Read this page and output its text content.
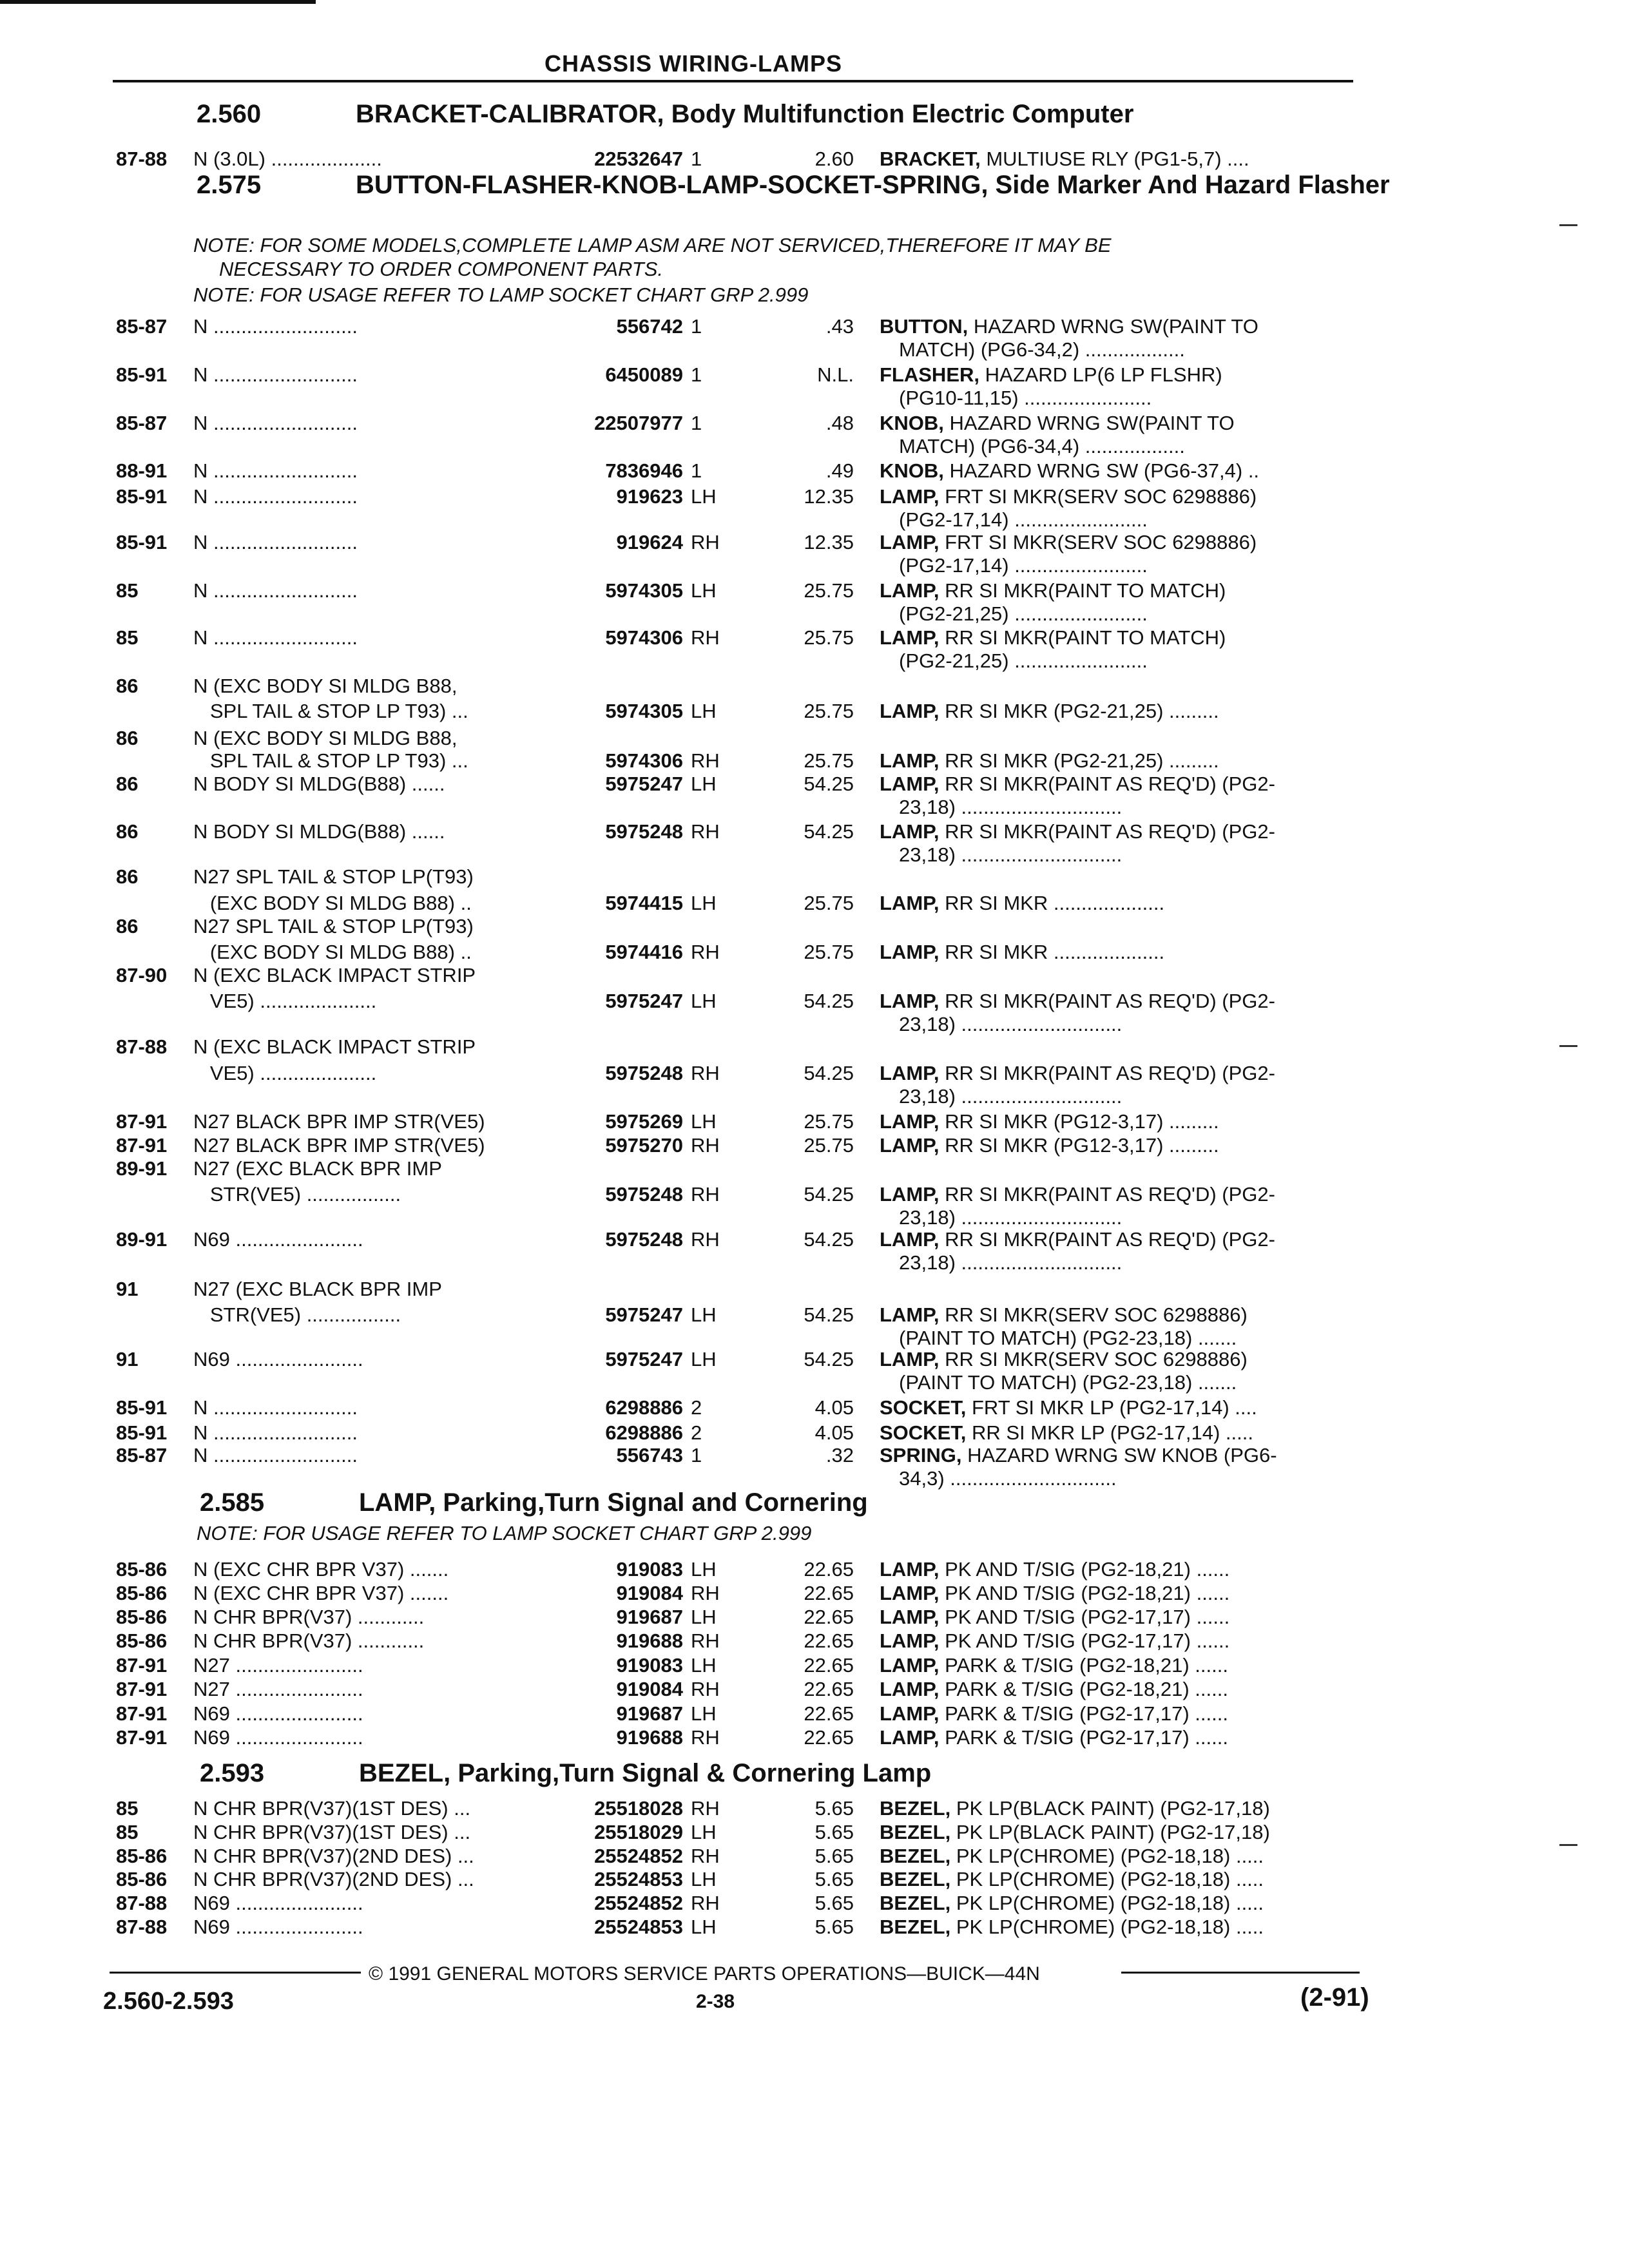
CHASSIS WIRING-LAMPS
2.560	BRACKET-CALIBRATOR, Body Multifunction Electric Computer
2.575	BUTTON-FLASHER-KNOB-LAMP-SOCKET-SPRING, Side Marker And Hazard Flasher
NOTE: FOR SOME MODELS,COMPLETE LAMP ASM ARE NOT SERVICED,THEREFORE IT MAY BE
NECESSARY TO ORDER COMPONENT PARTS.
NOTE: FOR USAGE REFER TO LAMP SOCKET CHART GRP 2.999
2.585	LAMP, Parking,Turn Signal and Cornering
NOTE: FOR USAGE REFER TO LAMP SOCKET CHART GRP 2.999
2.593	BEZEL, Parking,Turn Signal & Cornering Lamp
87-88 N (3.0L) ....................	22532647 1	2.60 BRACKET, MULTIUSE RLY (PG1-5,7) ....
85-87 N ..........................	556742 1	.43 BUTTON, HAZARD WRNG SW(PAINT TO
MATCH) (PG6-34,2) ..................
85-91 N ..........................	6450089 1	N.L. FLASHER, HAZARD LP(6 LP FLSHR)
(PG10-11,15) .......................
85-87 N ..........................	22507977 1	.48 KNOB, HAZARD WRNG SW(PAINT TO
MATCH) (PG6-34,4) ..................
88-91 N ..........................	7836946 1	.49 KNOB, HAZARD WRNG SW (PG6-37,4) ..
85-91 N ..........................	919623 LH	12.35 LAMP, FRT SI MKR(SERV SOC 6298886)
(PG2-17,14) ........................
85-91 N ..........................	919624 RH	12.35 LAMP, FRT SI MKR(SERV SOC 6298886)
(PG2-17,14) ........................
85	N ..........................	5974305 LH	25.75 LAMP, RR SI MKR(PAINT TO MATCH)
(PG2-21,25) ........................
85	N ..........................	5974306 RH	25.75 LAMP, RR SI MKR(PAINT TO MATCH)
(PG2-21,25) ........................
86	N (EXC BODY SI MLDG B88,
SPL TAIL & STOP LP T93) ...	5974305 LH	25.75 LAMP, RR SI MKR (PG2-21,25) .........
86	N (EXC BODY SI MLDG B88,
SPL TAIL & STOP LP T93) ...	5974306 RH	25.75 LAMP, RR SI MKR (PG2-21,25) .........
86	N BODY SI MLDG(B88) ......	5975247 LH	54.25 LAMP, RR SI MKR(PAINT AS REQ'D) (PG2-
23,18) .............................
86	N BODY SI MLDG(B88) ......	5975248 RH	54.25 LAMP, RR SI MKR(PAINT AS REQ'D) (PG2-
23,18) .............................
86	N27 SPL TAIL & STOP LP(T93)
(EXC BODY SI MLDG B88) ..	5974415 LH	25.75 LAMP, RR SI MKR ....................
86	N27 SPL TAIL & STOP LP(T93)
(EXC BODY SI MLDG B88) ..	5974416 RH	25.75 LAMP, RR SI MKR ....................
87-90 N (EXC BLACK IMPACT STRIP
VE5) .....................	5975247 LH	54.25 LAMP, RR SI MKR(PAINT AS REQ'D) (PG2-
23,18) .............................
87-88 N (EXC BLACK IMPACT STRIP
VE5) .....................	5975248 RH	54.25 LAMP, RR SI MKR(PAINT AS REQ'D) (PG2-
23,18) .............................
87-91 N27 BLACK BPR IMP STR(VE5)	5975269 LH	25.75 LAMP, RR SI MKR (PG12-3,17) .........
87-91 N27 BLACK BPR IMP STR(VE5)	5975270 RH	25.75 LAMP, RR SI MKR (PG12-3,17) .........
89-91 N27 (EXC BLACK BPR IMP
STR(VE5) .................	5975248 RH	54.25 LAMP, RR SI MKR(PAINT AS REQ'D) (PG2-
23,18) .............................
89-91 N69 .......................	5975248 RH	54.25 LAMP, RR SI MKR(PAINT AS REQ'D) (PG2-
23,18) .............................
91	N27 (EXC BLACK BPR IMP
STR(VE5) .................	5975247 LH	54.25 LAMP, RR SI MKR(SERV SOC 6298886)
(PAINT TO MATCH) (PG2-23,18) .......
91	N69 .......................	5975247 LH	54.25 LAMP, RR SI MKR(SERV SOC 6298886)
(PAINT TO MATCH) (PG2-23,18) .......
85-91 N ..........................	6298886 2	4.05 SOCKET, FRT SI MKR LP (PG2-17,14) ....
85-91 N ..........................	6298886 2	4.05 SOCKET, RR SI MKR LP (PG2-17,14) .....
85-87 N ..........................	556743 1	.32 SPRING, HAZARD WRNG SW KNOB (PG6-
34,3) ..............................
85-86 N (EXC CHR BPR V37) .......	919083 LH	22.65 LAMP, PK AND T/SIG (PG2-18,21) ......
85-86 N (EXC CHR BPR V37) .......	919084 RH	22.65 LAMP, PK AND T/SIG (PG2-18,21) ......
85-86 N CHR BPR(V37) ............	919687 LH	22.65 LAMP, PK AND T/SIG (PG2-17,17) ......
85-86 N CHR BPR(V37) ............	919688 RH	22.65 LAMP, PK AND T/SIG (PG2-17,17) ......
87-91 N27 .......................	919083 LH	22.65 LAMP, PARK & T/SIG (PG2-18,21) ......
87-91 N27 .......................	919084 RH	22.65 LAMP, PARK & T/SIG (PG2-18,21) ......
87-91 N69 .......................	919687 LH	22.65 LAMP, PARK & T/SIG (PG2-17,17) ......
87-91 N69 .......................	919688 RH	22.65 LAMP, PARK & T/SIG (PG2-17,17) ......
85	N CHR BPR(V37)(1ST DES) ...	25518028 RH	5.65 BEZEL, PK LP(BLACK PAINT) (PG2-17,18)
85	N CHR BPR(V37)(1ST DES) ...	25518029 LH	5.65 BEZEL, PK LP(BLACK PAINT) (PG2-17,18)
85-86 N CHR BPR(V37)(2ND DES) ...	25524852 RH	5.65 BEZEL, PK LP(CHROME) (PG2-18,18) .....
85-86 N CHR BPR(V37)(2ND DES) ...	25524853 LH	5.65 BEZEL, PK LP(CHROME) (PG2-18,18) .....
87-88 N69 .......................	25524852 RH	5.65 BEZEL, PK LP(CHROME) (PG2-18,18) .....
87-88 N69 .......................	25524853 LH	5.65 BEZEL, PK LP(CHROME) (PG2-18,18) .....
© 1991 GENERAL MOTORS SERVICE PARTS OPERATIONS—BUICK—44N
2.560-2.593	2-38	(2-91)
